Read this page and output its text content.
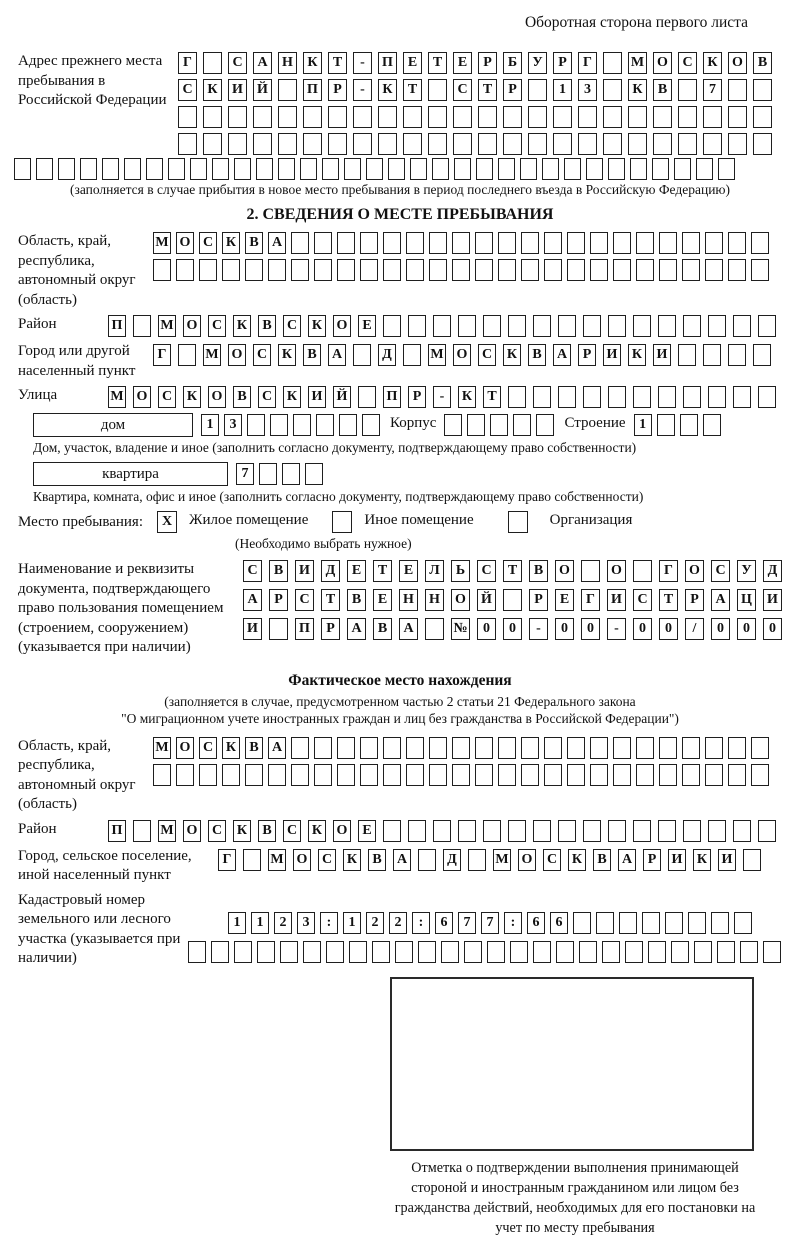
Оборотная сторона первого листа
Адрес прежнего места пребывания в Российской Федерации
Г	С	А	Н	К	Т	-	П	Е	Т	Е	Р	Б	У	Р	Г	М О	С	К	О	В
С	К	И Й	П	Р	-	К	Т	С	Т	Р	1	3	К	В	7
(заполняется в случае прибытия в новое место пребывания в период последнего въезда в Российскую Федерацию)
2. СВЕДЕНИЯ О МЕСТЕ ПРЕБЫВАНИЯ
Область, край, республика, автономный округ (область)
М О С К В А
Район	П	М О С К	В	С К О	Е
Город или другой населенный пункт
Г	М О С К	В	А	Д	М О С К	В	А	Р	И К И
Улица	М О С К О	В	С К И Й	П	Р	-	К	Т
дом	1	3	Корпус	Строение 1
Дом, участок, владение и иное (заполнить согласно документу, подтверждающему право собственности)
квартира	7
Квартира, комната, офис и иное (заполнить согласно документу, подтверждающему право собственности)
Место пребывания:	X	Жилое помещение	Иное помещение	Организация
(Необходимо выбрать нужное)
Наименование и реквизиты документа, подтверждающего право пользования помещением (строением, сооружением) (указывается при наличии)
С	В	И	Д	Е	Т	Е	Л	Ь	С	Т	В	О	О	Г	О	С	У	Д
А	Р	С	Т	В	Е	Н Н О Й	Р	Е	Г	И	С	Т	Р	А	Ц И
И	П	Р	А	В	А	№	0	0	-	0	0	-	0	0	/	0	0	0
Фактическое место нахождения
(заполняется в случае, предусмотренном частью 2 статьи 21 Федерального закона
"О миграционном учете иностранных граждан и лиц без гражданства в Российской Федерации")
Область, край, республика, автономный округ (область)
М О С К В А
Район	П	М О С К	В	С К О	Е
Город, сельское поселение, иной населенный пункт
Г	М О С К	В	А	Д	М О С К	В	А	Р	И К И
Кадастровый номер земельного или лесного участка (указывается при наличии)
1	1	2	3	:	1	2	2	:	6	7	7	:	6	6
Отметка о подтверждении выполнения принимающей стороной и иностранным гражданином или лицом без гражданства действий, необходимых для его постановки на учет по месту пребывания
